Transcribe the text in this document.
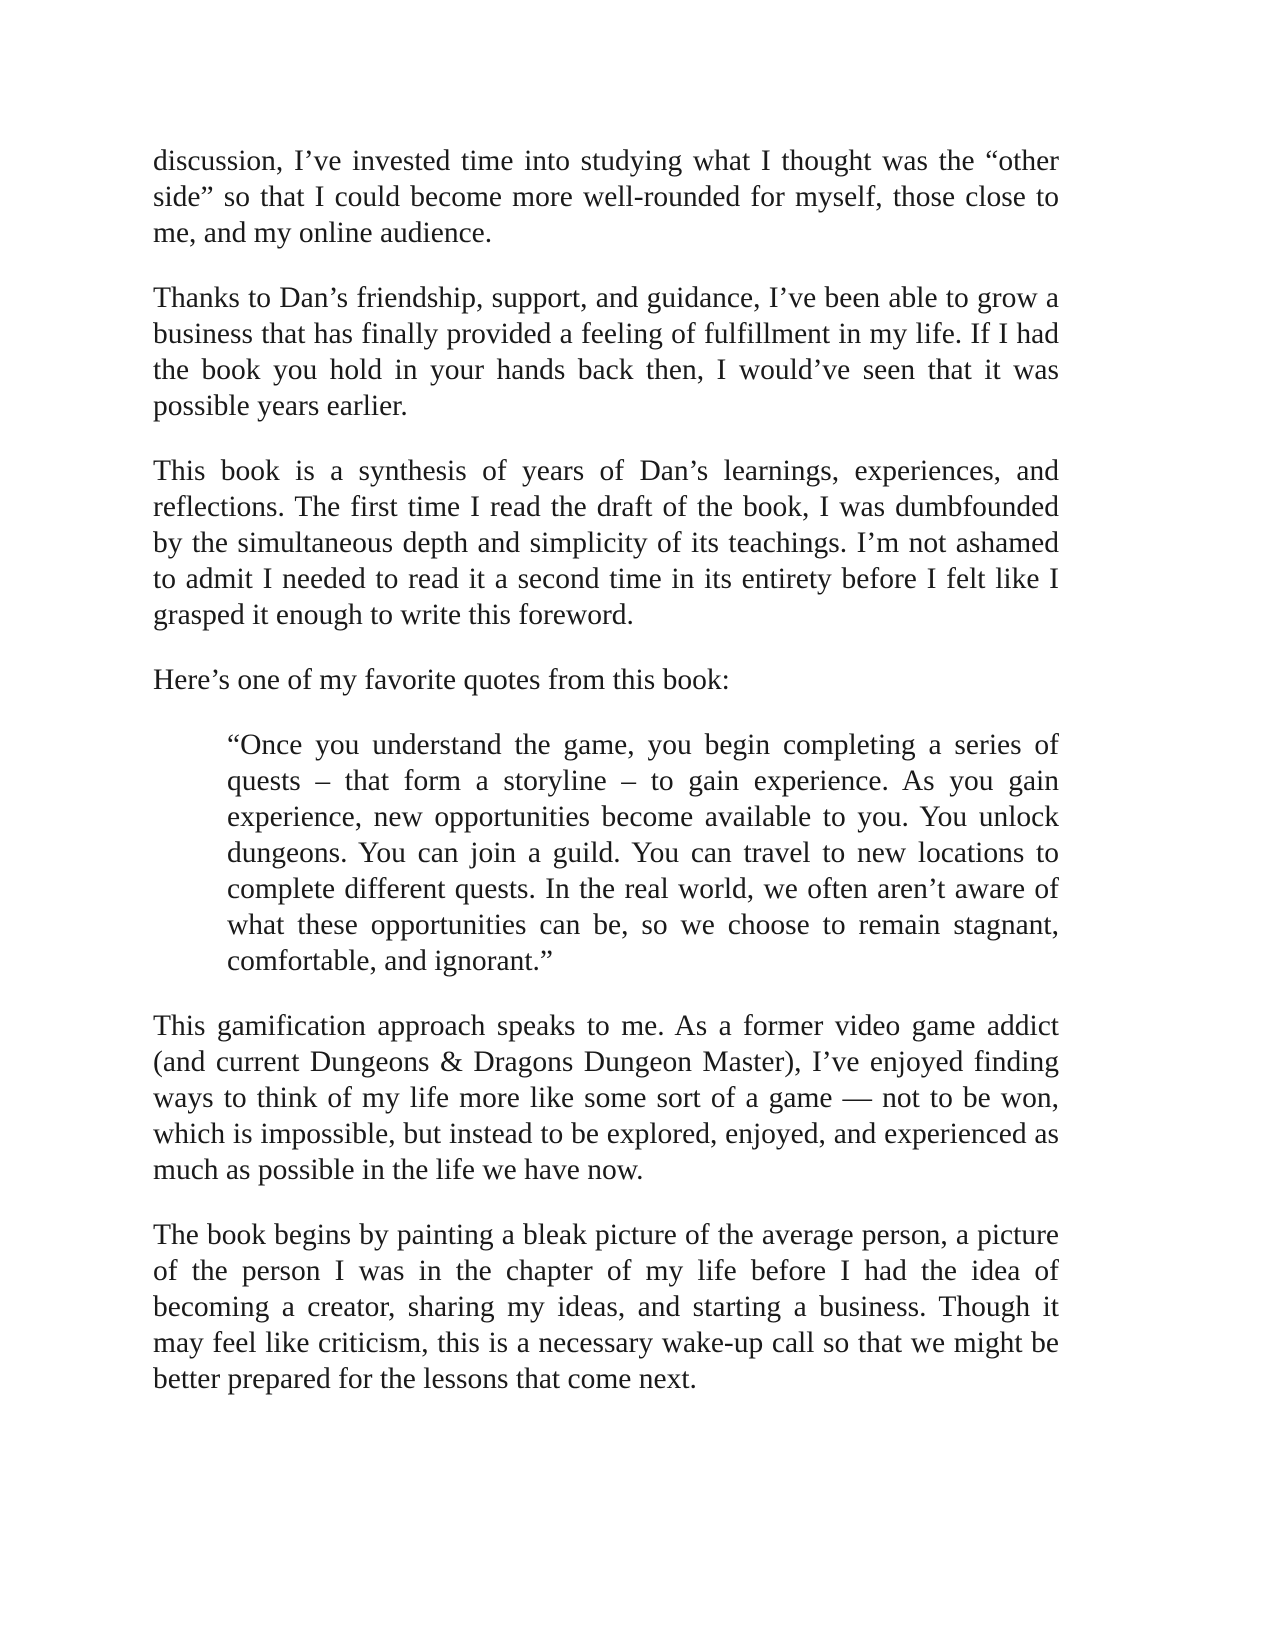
discussion, I’ve invested time into studying what I thought was the “other side” so that I could become more well-rounded for myself, those close to me, and my online audience.

Thanks to Dan’s friendship, support, and guidance, I’ve been able to grow a business that has finally provided a feeling of fulfillment in my life. If I had the book you hold in your hands back then, I would’ve seen that it was possible years earlier.

This book is a synthesis of years of Dan’s learnings, experiences, and reflections. The first time I read the draft of the book, I was dumbfounded by the simultaneous depth and simplicity of its teachings. I’m not ashamed to admit I needed to read it a second time in its entirety before I felt like I grasped it enough to write this foreword.

Here’s one of my favorite quotes from this book:

“Once you understand the game, you begin completing a series of quests – that form a storyline – to gain experience. As you gain experience, new opportunities become available to you. You unlock dungeons. You can join a guild. You can travel to new locations to complete different quests. In the real world, we often aren’t aware of what these opportunities can be, so we choose to remain stagnant, comfortable, and ignorant.”

This gamification approach speaks to me. As a former video game addict (and current Dungeons & Dragons Dungeon Master), I’ve enjoyed finding ways to think of my life more like some sort of a game — not to be won, which is impossible, but instead to be explored, enjoyed, and experienced as much as possible in the life we have now.

The book begins by painting a bleak picture of the average person, a picture of the person I was in the chapter of my life before I had the idea of becoming a creator, sharing my ideas, and starting a business. Though it may feel like criticism, this is a necessary wake-up call so that we might be better prepared for the lessons that come next.
